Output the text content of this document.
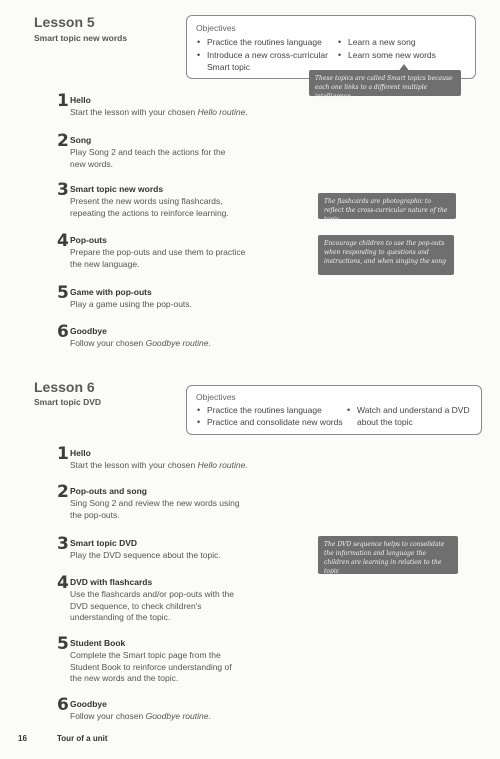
Lesson 5
Smart topic new words
Objectives
• Practice the routines language
• Introduce a new cross-curricular Smart topic
• Learn a new song
• Learn some new words
These topics are called Smart topics because each one links to a different multiple intelligence
1 Hello
Start the lesson with your chosen Hello routine.
2 Song
Play Song 2 and teach the actions for the new words.
3 Smart topic new words
Present the new words using flashcards, repeating the actions to reinforce learning.
The flashcards are photographic to reflect the cross-curricular nature of the topic
4 Pop-outs
Prepare the pop-outs and use them to practice the new language.
Encourage children to use the pop-outs when responding to questions and instructions, and when singing the song
5 Game with pop-outs
Play a game using the pop-outs.
6 Goodbye
Follow your chosen Goodbye routine.
Lesson 6
Smart topic DVD	Objectives
• Practice the routines language
• Practice and consolidate new words
• Watch and understand a DVD about the topic
1 Hello
Start the lesson with your chosen Hello routine.
2 Pop-outs and song
Sing Song 2 and review the new words using the pop-outs.
3 Smart topic DVD
Play the DVD sequence about the topic.
The DVD sequence helps to consolidate the information and language the children are learning in relation to the topic
4 DVD with flashcards
Use the flashcards and/or pop-outs with the DVD sequence, to check children's understanding of the topic.
5 Student Book
Complete the Smart topic page from the Student Book to reinforce understanding of the new words and the topic.
6 Goodbye
Follow your chosen Goodbye routine.
16	Tour of a unit
